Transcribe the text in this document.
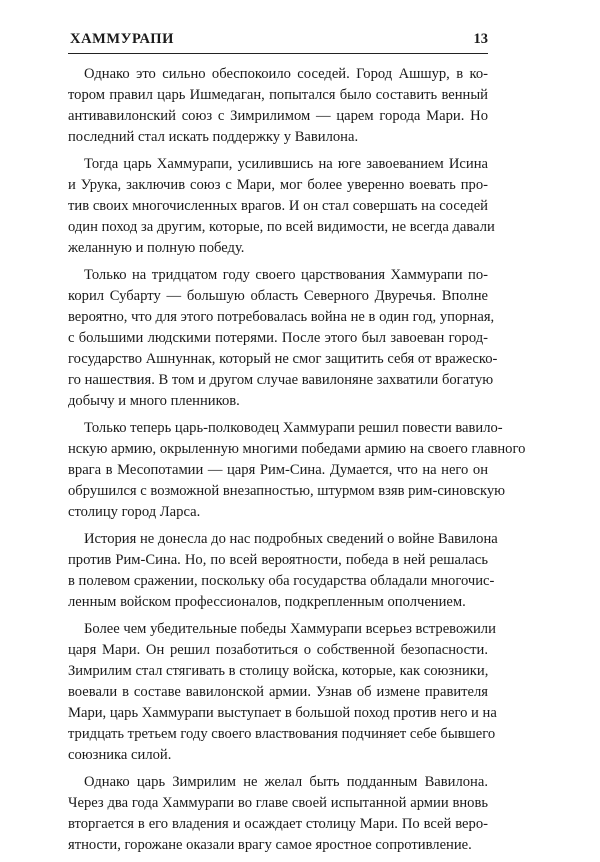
ХАММУРАПИ	13
Однако это сильно обеспокоило соседей. Город Ашшур, в ко-
тором правил царь Ишмедаган, попытался было составить венный
антивавилонский союз с Зимрилимом — царем города Мари. Но
последний стал искать поддержку у Вавилона.
Тогда царь Хаммурапи, усилившись на юге завоеванием Исина
и Урука, заключив союз с Мари, мог более уверенно воевать про-
тив своих многочисленных врагов. И он стал совершать на соседей
один поход за другим, которые, по всей видимости, не всегда давали
желанную и полную победу.
Только на тридцатом году своего царствования Хаммурапи по-
корил Субарту — большую область Северного Двуречья. Вполне
вероятно, что для этого потребовалась война не в один год, упорная,
с большими людскими потерями. После этого был завоеван город-
государство Ашнуннак, который не смог защитить себя от вражеско-
го нашествия. В том и другом случае вавилоняне захватили богатую
добычу и много пленников.
Только теперь царь-полководец Хаммурапи решил повести вавило-
нскую армию, окрыленную многими победами армию на своего главного
врага в Месопотамии — царя Рим-Сина. Думается, что на него он
обрушился с возможной внезапностью, штурмом взяв рим-синовскую
столицу город Ларса.
История не донесла до нас подробных сведений о войне Вавилона
против Рим-Сина. Но, по всей вероятности, победа в ней решалась
в полевом сражении, поскольку оба государства обладали многочис-
ленным войском профессионалов, подкрепленным ополчением.
Более чем убедительные победы Хаммурапи всерьез встревожили
царя Мари. Он решил позаботиться о собственной безопасности.
Зимрилим стал стягивать в столицу войска, которые, как союзники,
воевали в составе вавилонской армии. Узнав об измене правителя
Мари, царь Хаммурапи выступает в большой поход против него и на
тридцать третьем году своего властвования подчиняет себе бывшего
союзника силой.
Однако царь Зимрилим не желал быть подданным Вавилона.
Через два года Хаммурапи во главе своей испытанной армии вновь
вторгается в его владения и осаждает столицу Мари. По всей веро-
ятности, горожане оказали врагу самое яростное сопротивление.
